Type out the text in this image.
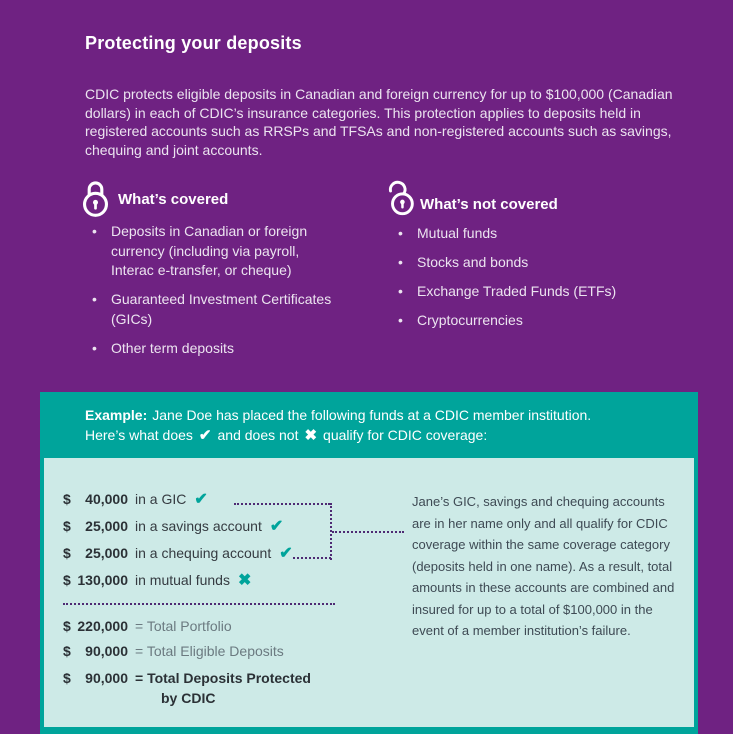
Protecting your deposits

CDIC protects eligible deposits in Canadian and foreign currency for up to $100,000 (Canadian dollars) in each of CDIC’s insurance categories. This protection applies to deposits held in registered accounts such as RRSPs and TFSAs and non-registered accounts such as savings, chequing and joint accounts.

What’s covered
•	Deposits in Canadian or foreign currency (including via payroll, Interac e-transfer, or cheque)
•	Guaranteed Investment Certificates (GICs)
•	Other term deposits
What’s not covered
•	Mutual funds
•	Stocks and bonds
•	Exchange Traded Funds (ETFs)
•	Cryptocurrencies

Example: Jane Doe has placed the following funds at a CDIC member institution.

Here’s what does ✔ and does not ✖ qualify for CDIC coverage:

$	40,000 in a GIC ✔
$	25,000 in a savings account ✔
$	25,000 in a chequing account ✔
$ 130,000 in mutual funds ✖
$ 220,000 = Total Portfolio
$	90,000 = Total Eligible Deposits
$	90,000 = Total Deposits Protected
by CDIC

Jane’s GIC, savings and chequing accounts are in her name only and all qualify for CDIC coverage within the same coverage category (deposits held in one name). As a result, total amounts in these accounts are combined and insured for up to a total of $100,000 in the event of a member institution’s failure.
